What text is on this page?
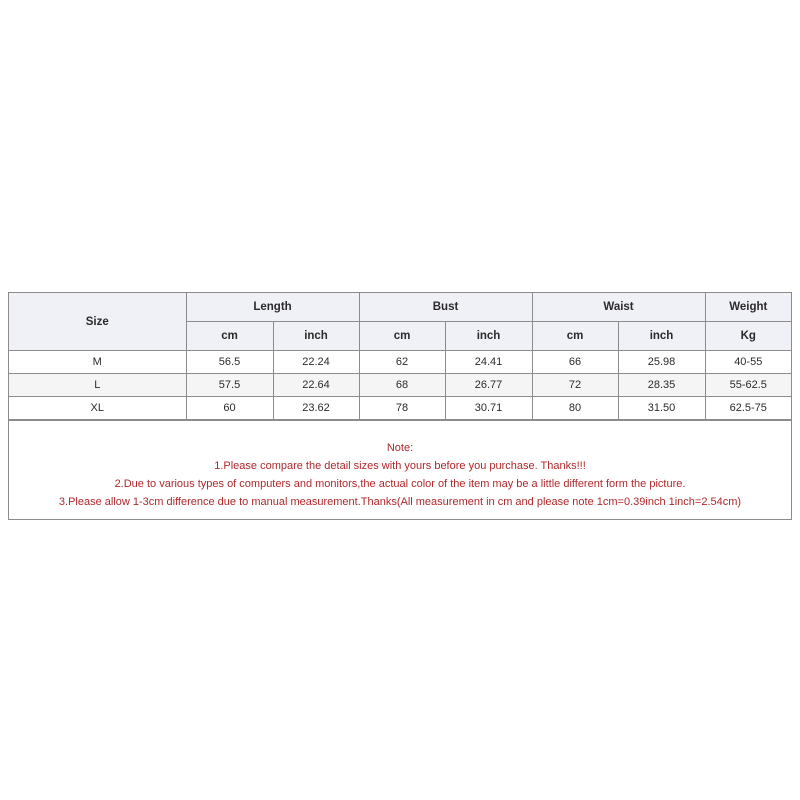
Size	Length		Bust		Waist		Weight
	cm	inch	cm	inch	cm	inch	Kg
M	56.5	22.24	62	24.41	66	25.98	40-55
L	57.5	22.64	68	26.77	72	28.35	55-62.5
XL	60	23.62	78	30.71	80	31.50	62.5-75
Note:
1.Please compare the detail sizes with yours before you purchase. Thanks!!!
2.Due to various types of computers and monitors,the actual color of the item may be a little different form the picture.
3.Please allow 1-3cm difference due to manual measurement.Thanks(All measurement in cm and please note 1cm=0.39inch 1inch=2.54cm)
